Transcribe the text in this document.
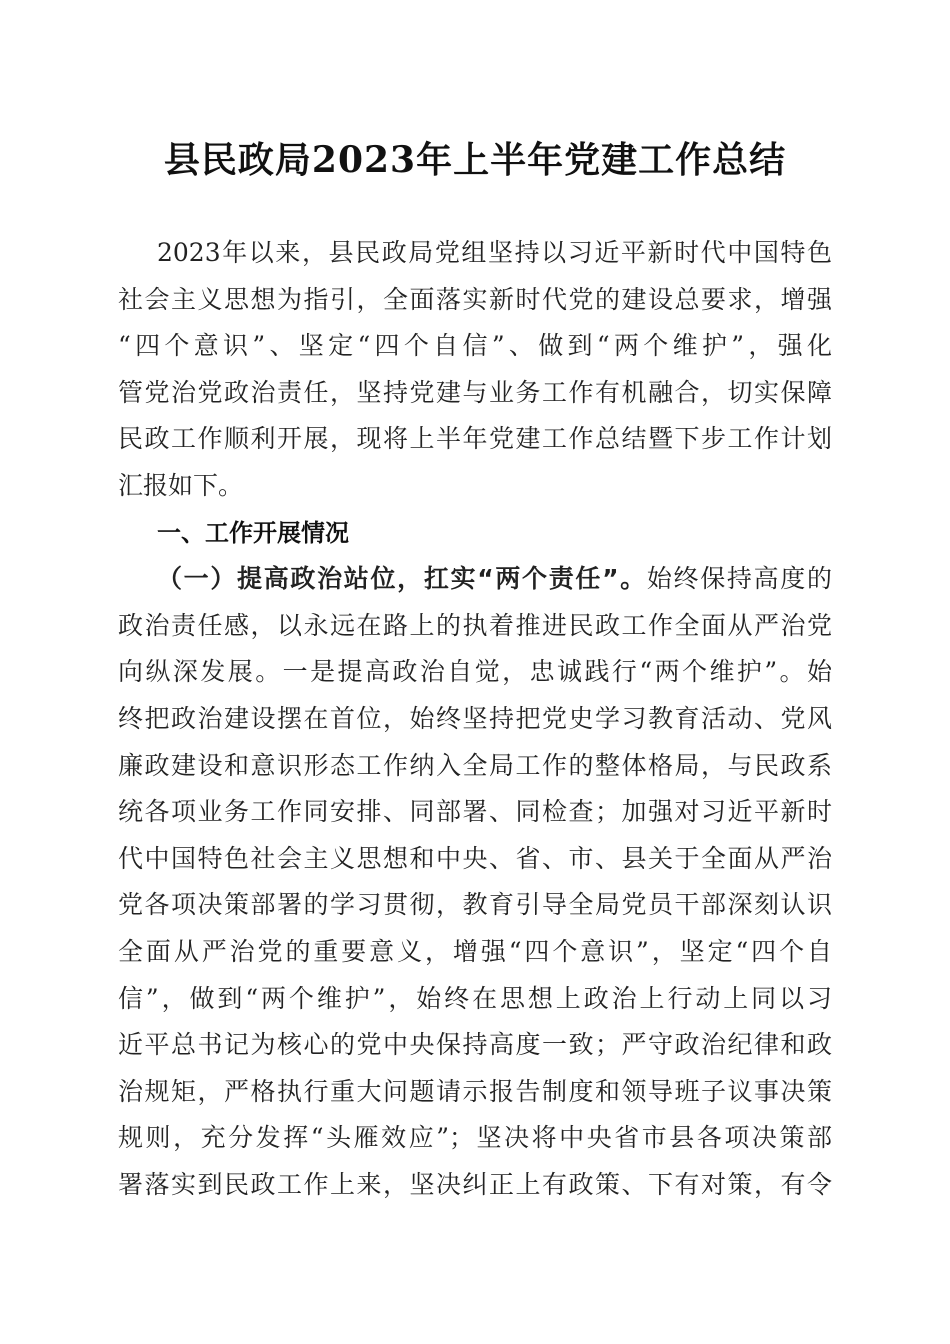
县民政局2023年上半年党建工作总结
2023年以来，县民政局党组坚持以习近平新时代中国特色
社会主义思想为指引，全面落实新时代党的建设总要求，增强
“四个意识”、坚定“四个自信”、做到“两个维护”，强化
管党治党政治责任，坚持党建与业务工作有机融合，切实保障
民政工作顺利开展，现将上半年党建工作总结暨下步工作计划
汇报如下。
一、工作开展情况
（一）提高政治站位，扛实“两个责任”。始终保持高度的
政治责任感，以永远在路上的执着推进民政工作全面从严治党
向纵深发展。一是提高政治自觉，忠诚践行“两个维护”。始
终把政治建设摆在首位，始终坚持把党史学习教育活动、党风
廉政建设和意识形态工作纳入全局工作的整体格局，与民政系
统各项业务工作同安排、同部署、同检查；加强对习近平新时
代中国特色社会主义思想和中央、省、市、县关于全面从严治
党各项决策部署的学习贯彻，教育引导全局党员干部深刻认识
全面从严治党的重要意义，增强“四个意识”，坚定“四个自
信”，做到“两个维护”，始终在思想上政治上行动上同以习
近平总书记为核心的党中央保持高度一致；严守政治纪律和政
治规矩，严格执行重大问题请示报告制度和领导班子议事决策
规则，充分发挥“头雁效应”；坚决将中央省市县各项决策部
署落实到民政工作上来，坚决纠正上有政策、下有对策，有令
